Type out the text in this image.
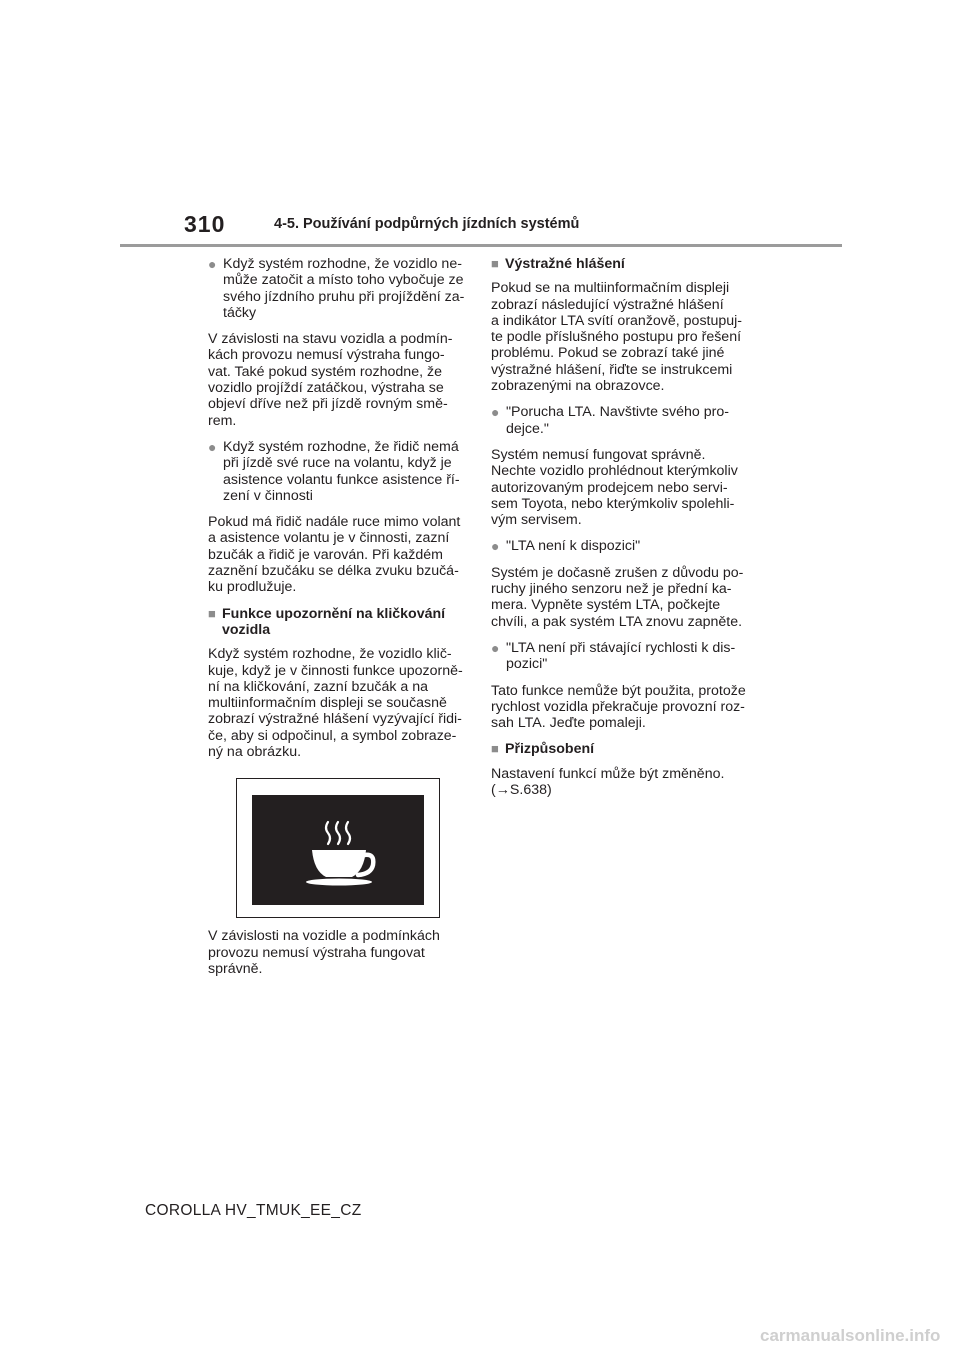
310	4-5. Používání podpůrných jízdních systémů
● Když systém rozhodne, že vozidlo ne-
může zatočit a místo toho vybočuje ze
svého jízdního pruhu při projíždění za-
táčky
V závislosti na stavu vozidla a podmín-
kách provozu nemusí výstraha fungo-
vat. Také pokud systém rozhodne, že
vozidlo projíždí zatáčkou, výstraha se
objeví dříve než při jízdě rovným smě-
rem.
● Když systém rozhodne, že řidič nemá
při jízdě své ruce na volantu, když je
asistence volantu funkce asistence ří-
zení v činnosti
Pokud má řidič nadále ruce mimo volant
a asistence volantu je v činnosti, zazní
bzučák a řidič je varován. Při každém
zaznění bzučáku se délka zvuku bzučá-
ku prodlužuje.
■ Funkce upozornění na kličkování
vozidla
Když systém rozhodne, že vozidlo klič-
kuje, když je v činnosti funkce upozorně-
ní na kličkování, zazní bzučák a na
multiinformačním displeji se současně
zobrazí výstražné hlášení vyzývající řidi-
če, aby si odpočinul, a symbol zobraze-
ný na obrázku.
V závislosti na vozidle a podmínkách
provozu nemusí výstraha fungovat
správně.
■ Výstražné hlášení
Pokud se na multiinformačním displeji
zobrazí následující výstražné hlášení
a indikátor LTA svítí oranžově, postupuj-
te podle příslušného postupu pro řešení
problému. Pokud se zobrazí také jiné
výstražné hlášení, řiďte se instrukcemi
zobrazenými na obrazovce.
● "Porucha LTA. Navštivte svého pro-
dejce."
Systém nemusí fungovat správně.
Nechte vozidlo prohlédnout kterýmkoliv
autorizovaným prodejcem nebo servi-
sem Toyota, nebo kterýmkoliv spolehli-
vým servisem.
● "LTA není k dispozici"
Systém je dočasně zrušen z důvodu po-
ruchy jiného senzoru než je přední ka-
mera. Vypněte systém LTA, počkejte
chvíli, a pak systém LTA znovu zapněte.
● "LTA není při stávající rychlosti k dis-
pozici"
Tato funkce nemůže být použita, protože
rychlost vozidla překračuje provozní roz-
sah LTA. Jeďte pomaleji.
■ Přizpůsobení
Nastavení funkcí může být změněno.
(→S.638)
COROLLA HV_TMUK_EE_CZ
carmanualsonline.info
